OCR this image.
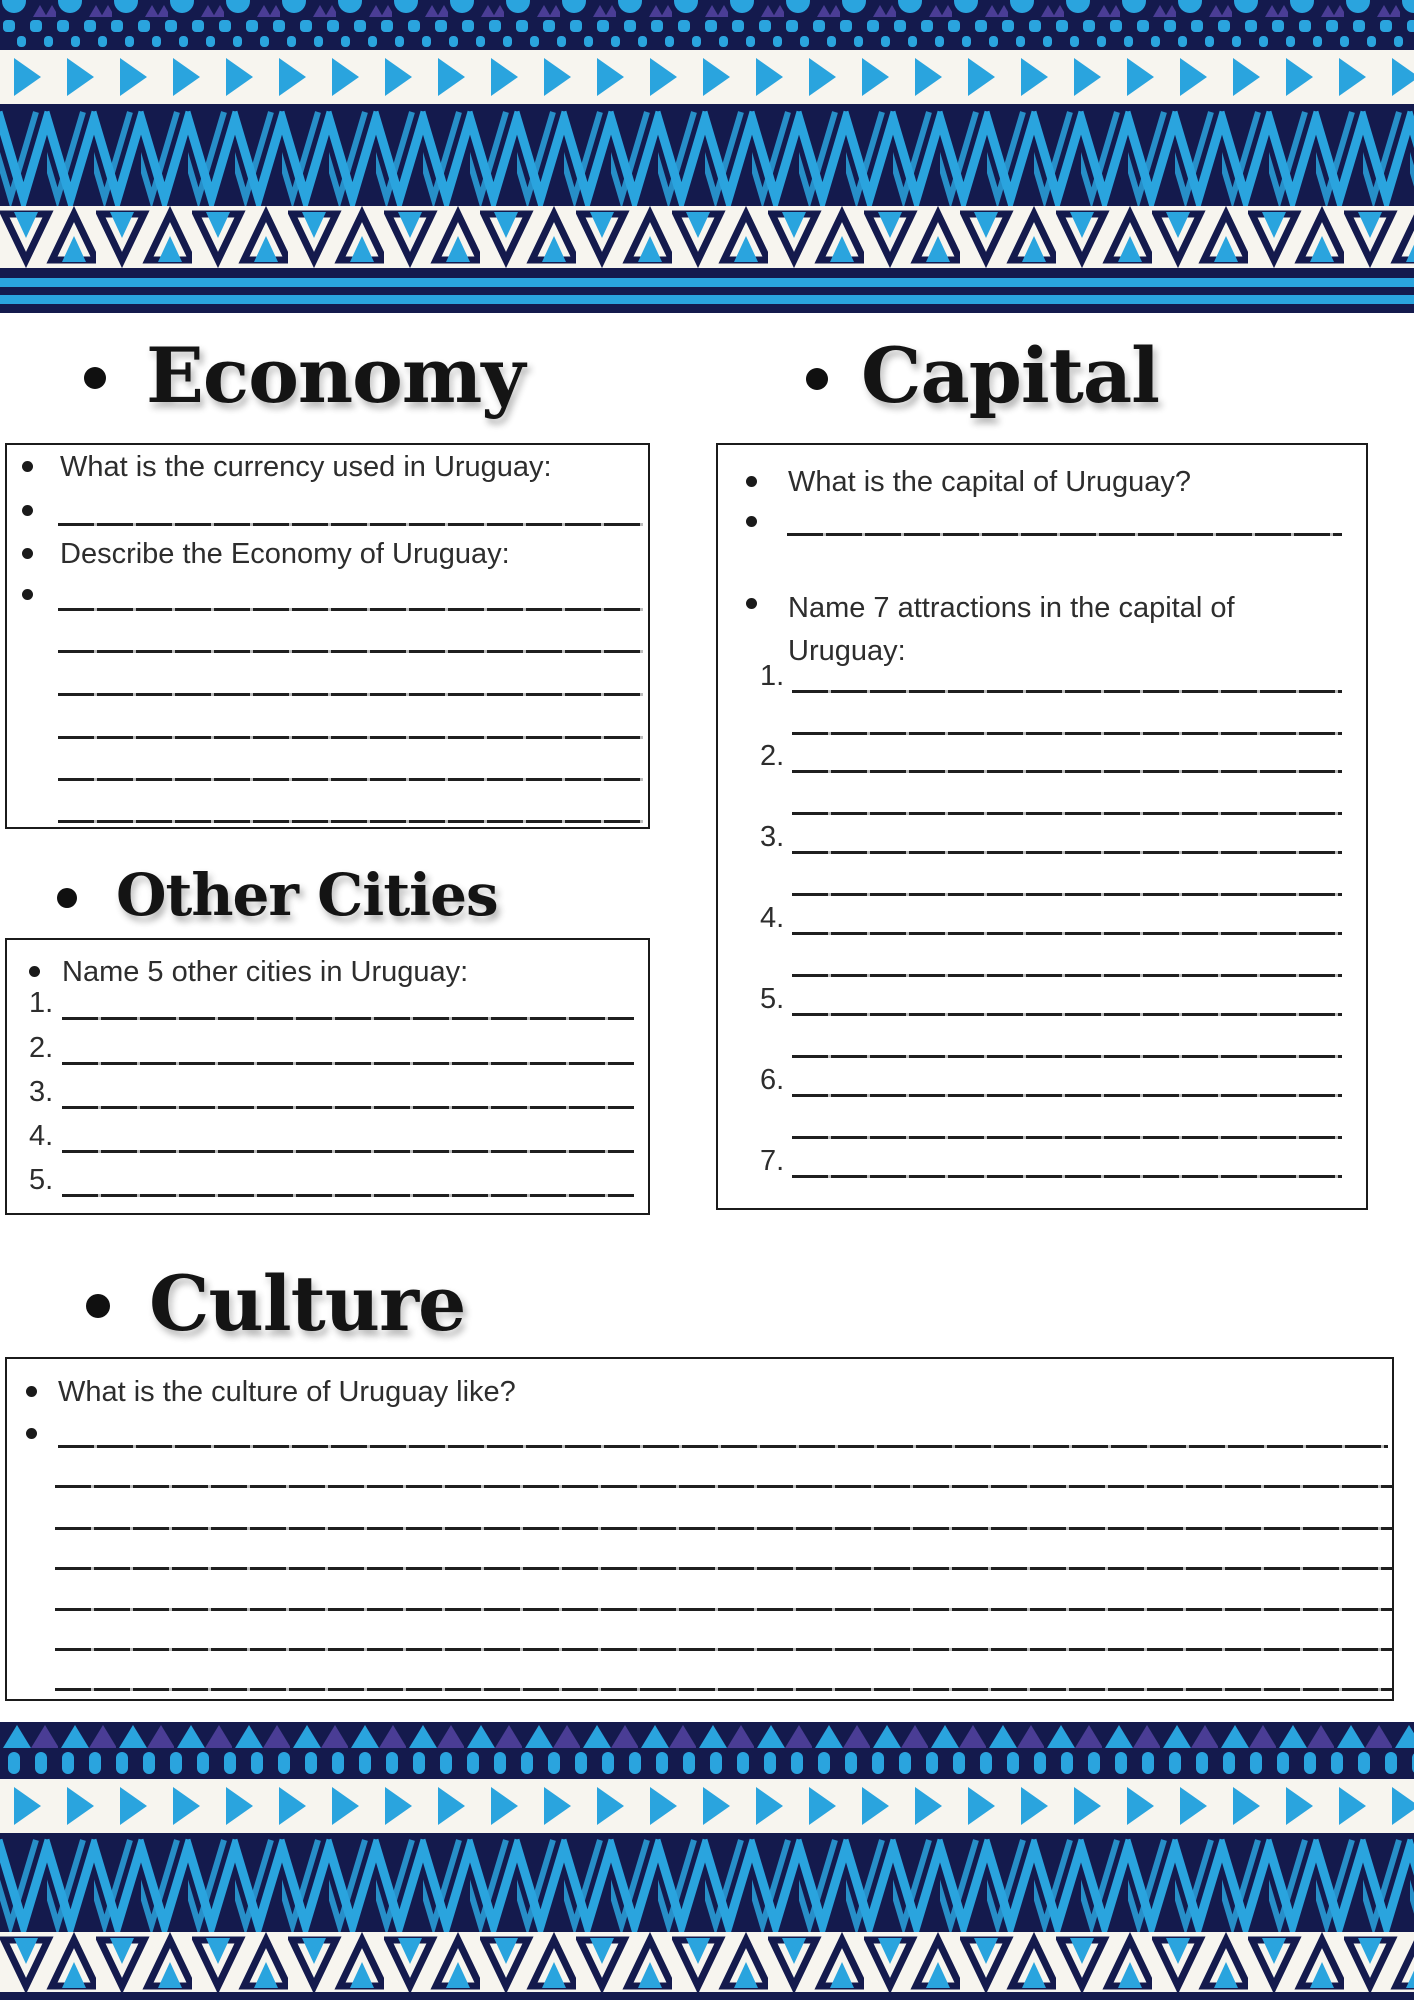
Economy	Capital
Other Cities
Culture
What is the currency used in Uruguay:
Describe the Economy of Uruguay:
What is the capital of Uruguay?
Name 7 attractions in the capital of
Uruguay:
1.
2.
3.
4.
5.
6.
7.
Name 5 other cities in Uruguay:
1.
2.
3.
4.
5.
What is the culture of Uruguay like?
